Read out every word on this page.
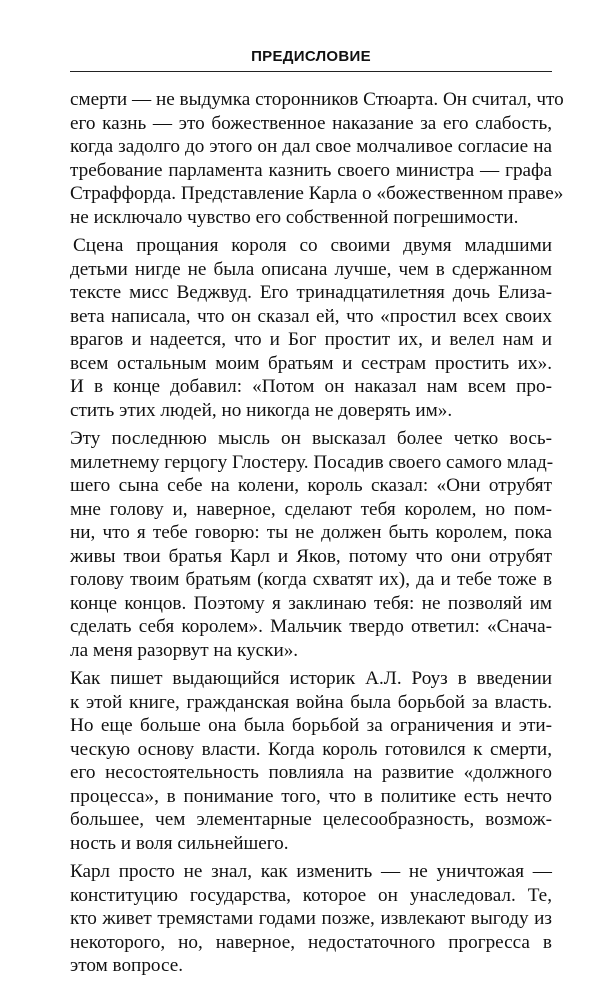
ПРЕДИСЛОВИЕ
смерти — не выдумка сторонников Стюарта. Он считал, что
его казнь — это божественное наказание за его слабость,
когда задолго до этого он дал свое молчаливое согласие на
требование парламента казнить своего министра — графа
Страффорда. Представление Карла о «божественном праве»
не исключало чувство его собственной погрешимости.
Сцена прощания короля со своими двумя младшими
детьми нигде не была описана лучше, чем в сдержанном
тексте мисс Веджвуд. Его тринадцатилетняя дочь Елиза-
вета написала, что он сказал ей, что «простил всех своих
врагов и надеется, что и Бог простит их, и велел нам и
всем остальным моим братьям и сестрам простить их».
И в конце добавил: «Потом он наказал нам всем про-
стить этих людей, но никогда не доверять им».
Эту последнюю мысль он высказал более четко вось-
милетнему герцогу Глостеру. Посадив своего самого млад-
шего сына себе на колени, король сказал: «Они отрубят
мне голову и, наверное, сделают тебя королем, но пом-
ни, что я тебе говорю: ты не должен быть королем, пока
живы твои братья Карл и Яков, потому что они отрубят
голову твоим братьям (когда схватят их), да и тебе тоже в
конце концов. Поэтому я заклинаю тебя: не позволяй им
сделать себя королем». Мальчик твердо ответил: «Снача-
ла меня разорвут на куски».
Как пишет выдающийся историк А.Л. Роуз в введении
к этой книге, гражданская война была борьбой за власть.
Но еще больше она была борьбой за ограничения и эти-
ческую основу власти. Когда король готовился к смерти,
его несостоятельность повлияла на развитие «должного
процесса», в понимание того, что в политике есть нечто
большее, чем элементарные целесообразность, возмож-
ность и воля сильнейшего.
Карл просто не знал, как изменить — не уничтожая —
конституцию государства, которое он унаследовал. Те,
кто живет тремястами годами позже, извлекают выгоду из
некоторого, но, наверное, недостаточного прогресса в
этом вопросе.
